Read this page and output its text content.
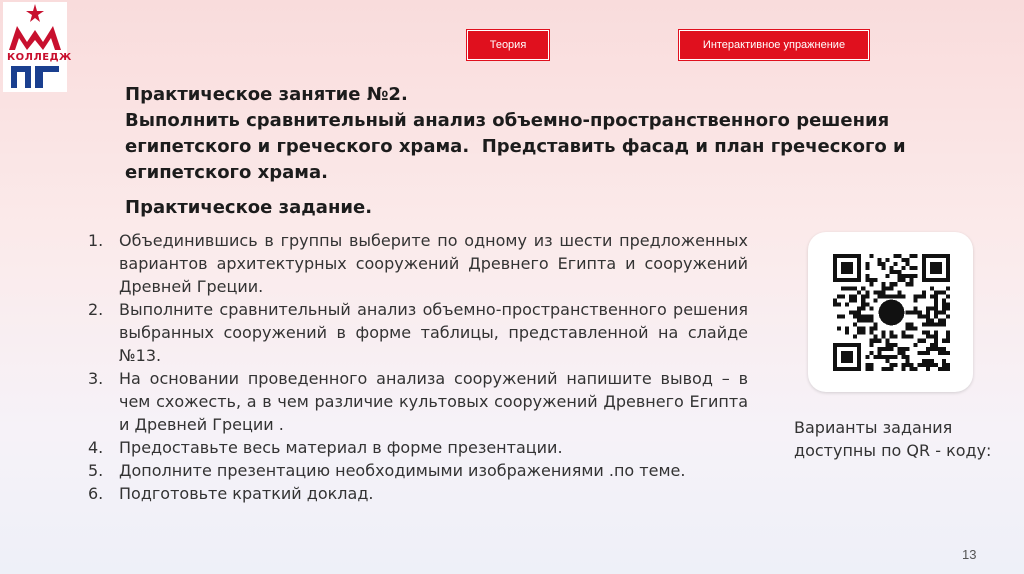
КОЛЛЕДЖ
Теория	Интерактивное упражнение
Практическое занятие №2.
Выполнить сравнительный анализ объемно-пространственного решения
египетского и греческого храма.  Представить фасад и план греческого и
египетского храма.
Практическое задание.
1. Объединившись в группы выберите по одному из шести предложенных вариантов архитектурных сооружений Древнего Египта и сооружений Древней Греции.
2. Выполните сравнительный анализ объемно-пространственного решения выбранных сооружений в форме таблицы, представленной на слайде №13.
3. На основании проведенного анализа сооружений напишите вывод – в чем схожесть, а в чем различие культовых сооружений Древнего Египта и Древней Греции .
4. Предоставьте весь материал в форме презентации.
5. Дополните презентацию необходимыми изображениями .по теме.
6. Подготовьте краткий доклад.
Варианты задания
доступны по QR - коду:
13
